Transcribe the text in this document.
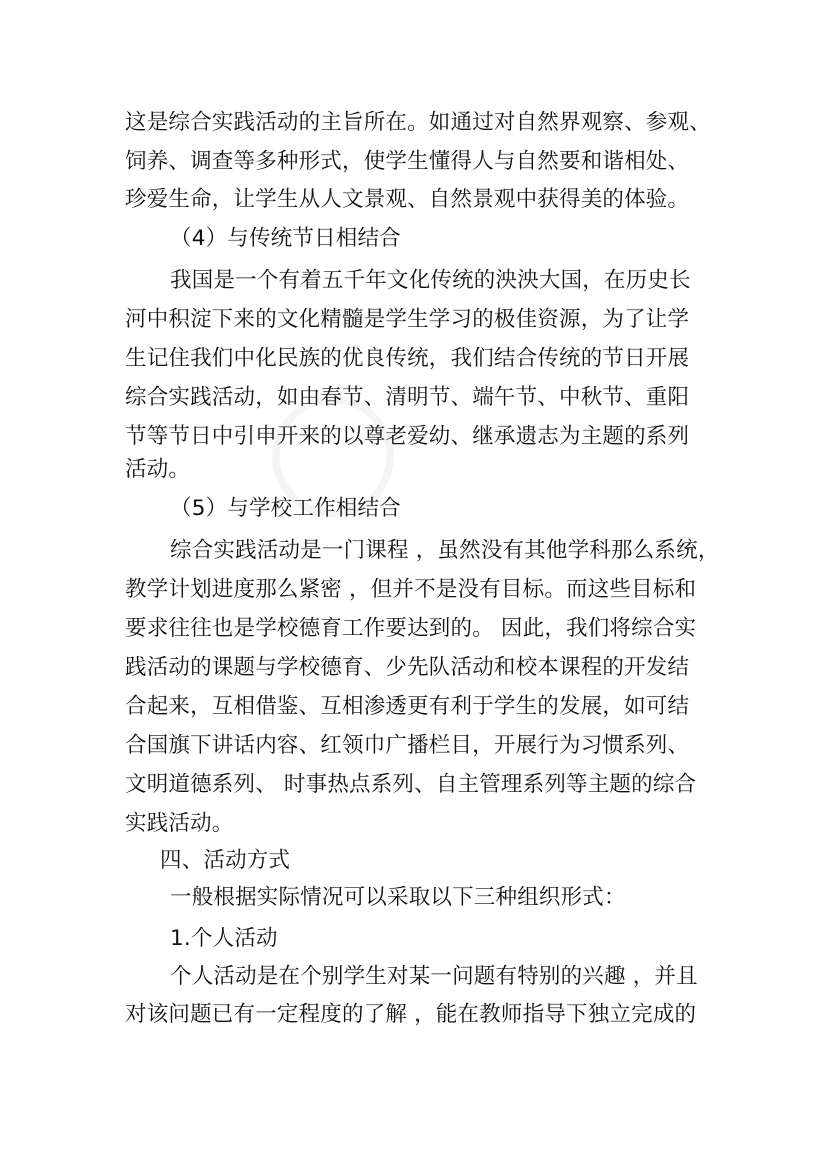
这是综合实践活动的主旨所在。如通过对自然界观察、参观、
饲养、调查等多种形式，使学生懂得人与自然要和谐相处、
珍爱生命，让学生从人文景观、自然景观中获得美的体验。
（4）与传统节日相结合
我国是一个有着五千年文化传统的泱泱大国，在历史长
河中积淀下来的文化精髓是学生学习的极佳资源，为了让学
生记住我们中化民族的优良传统，我们结合传统的节日开展
综合实践活动，如由春节、清明节、端午节、中秋节、重阳
节等节日中引申开来的以尊老爱幼、继承遗志为主题的系列
活动。
（5）与学校工作相结合
综合实践活动是一门课程 ，虽然没有其他学科那么系统，
教学计划进度那么紧密 ，但并不是没有目标。而这些目标和
要求往往也是学校德育工作要达到的。 因此，我们将综合实
践活动的课题与学校德育、少先队活动和校本课程的开发结
合起来，互相借鉴、互相渗透更有利于学生的发展，如可结
合国旗下讲话内容、红领巾广播栏目，开展行为习惯系列、
文明道德系列、 时事热点系列、自主管理系列等主题的综合
实践活动。
四、活动方式
一般根据实际情况可以采取以下三种组织形式：
1.个人活动
个人活动是在个别学生对某一问题有特别的兴趣 ，并且
对该问题已有一定程度的了解 ，能在教师指导下独立完成的
